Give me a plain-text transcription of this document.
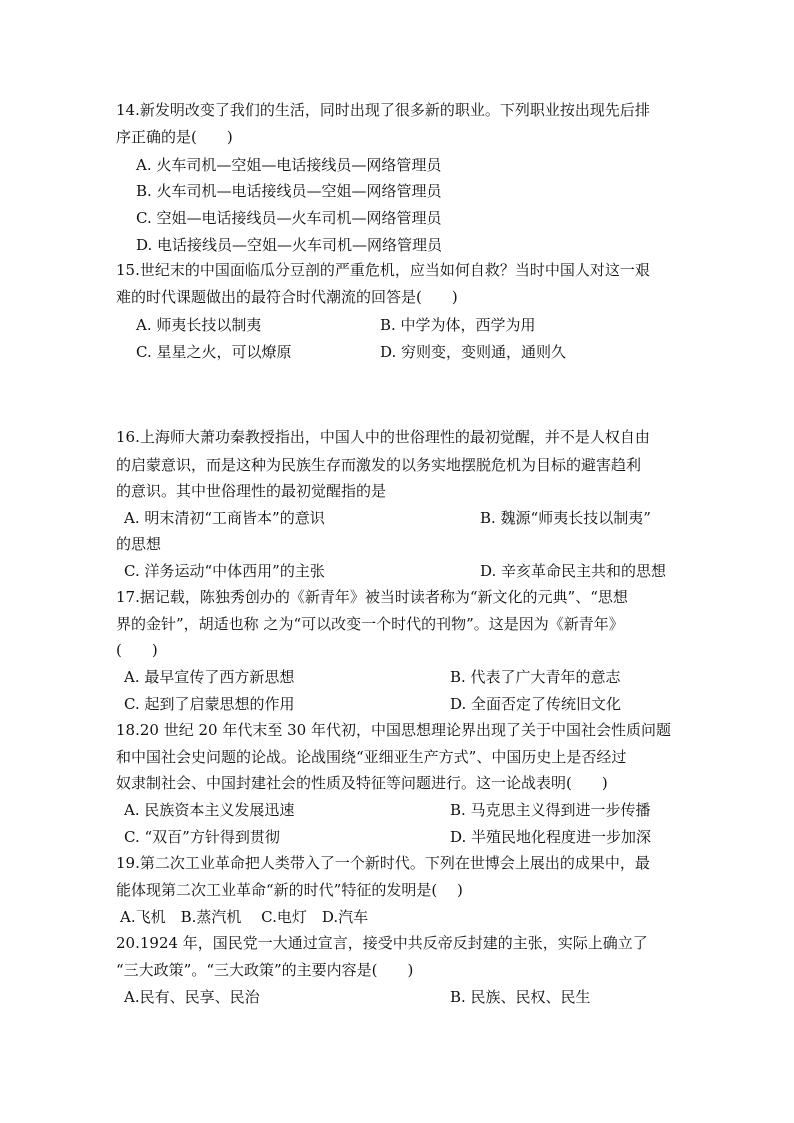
14.新发明改变了我们的生活，同时出现了很多新的职业。下列职业按出现先后排
序正确的是(　　)
A. 火车司机—空姐—电话接线员—网络管理员
B. 火车司机—电话接线员—空姐—网络管理员
C. 空姐—电话接线员—火车司机—网络管理员
D. 电话接线员—空姐—火车司机—网络管理员
15.世纪末的中国面临瓜分豆剖的严重危机，应当如何自救？当时中国人对这一艰
难的时代课题做出的最符合时代潮流的回答是(　　)
A. 师夷长技以制夷	B. 中学为体，西学为用
C. 星星之火，可以燎原	D. 穷则变，变则通，通则久
16.上海师大萧功秦教授指出，中国人中的世俗理性的最初觉醒，并不是人权自由
的启蒙意识，而是这种为民族生存而激发的以务实地摆脱危机为目标的避害趋利
的意识。其中世俗理性的最初觉醒指的是
A. 明末清初“工商皆本”的意识	B. 魏源“师夷长技以制夷”
的思想
C. 洋务运动“中体西用”的主张	D. 辛亥革命民主共和的思想
17.据记载，陈独秀创办的《新青年》被当时读者称为“新文化的元典”、“思想
界的金针”，胡适也称 之为“可以改变一个时代的刊物”。这是因为《新青年》
(　　)
A. 最早宣传了西方新思想	B. 代表了广大青年的意志
C. 起到了启蒙思想的作用	D. 全面否定了传统旧文化
18.20 世纪 20 年代末至 30 年代初，中国思想理论界出现了关于中国社会性质问题
和中国社会史问题的论战。论战围绕“亚细亚生产方式”、中国历史上是否经过
奴隶制社会、中国封建社会的性质及特征等问题进行。这一论战表明(　　)
A. 民族资本主义发展迅速	B. 马克思主义得到进一步传播
C. “双百”方针得到贯彻	D. 半殖民地化程度进一步加深
19.第二次工业革命把人类带入了一个新时代。下列在世博会上展出的成果中，最
能体现第二次工业革命“新的时代”特征的发明是(　 )
A.飞机　B.蒸汽机　 C.电灯　D.汽车
20.1924 年，国民党一大通过宣言，接受中共反帝反封建的主张，实际上确立了
“三大政策”。“三大政策”的主要内容是(　　)
A.民有、民享、民治	B. 民族、民权、民生
